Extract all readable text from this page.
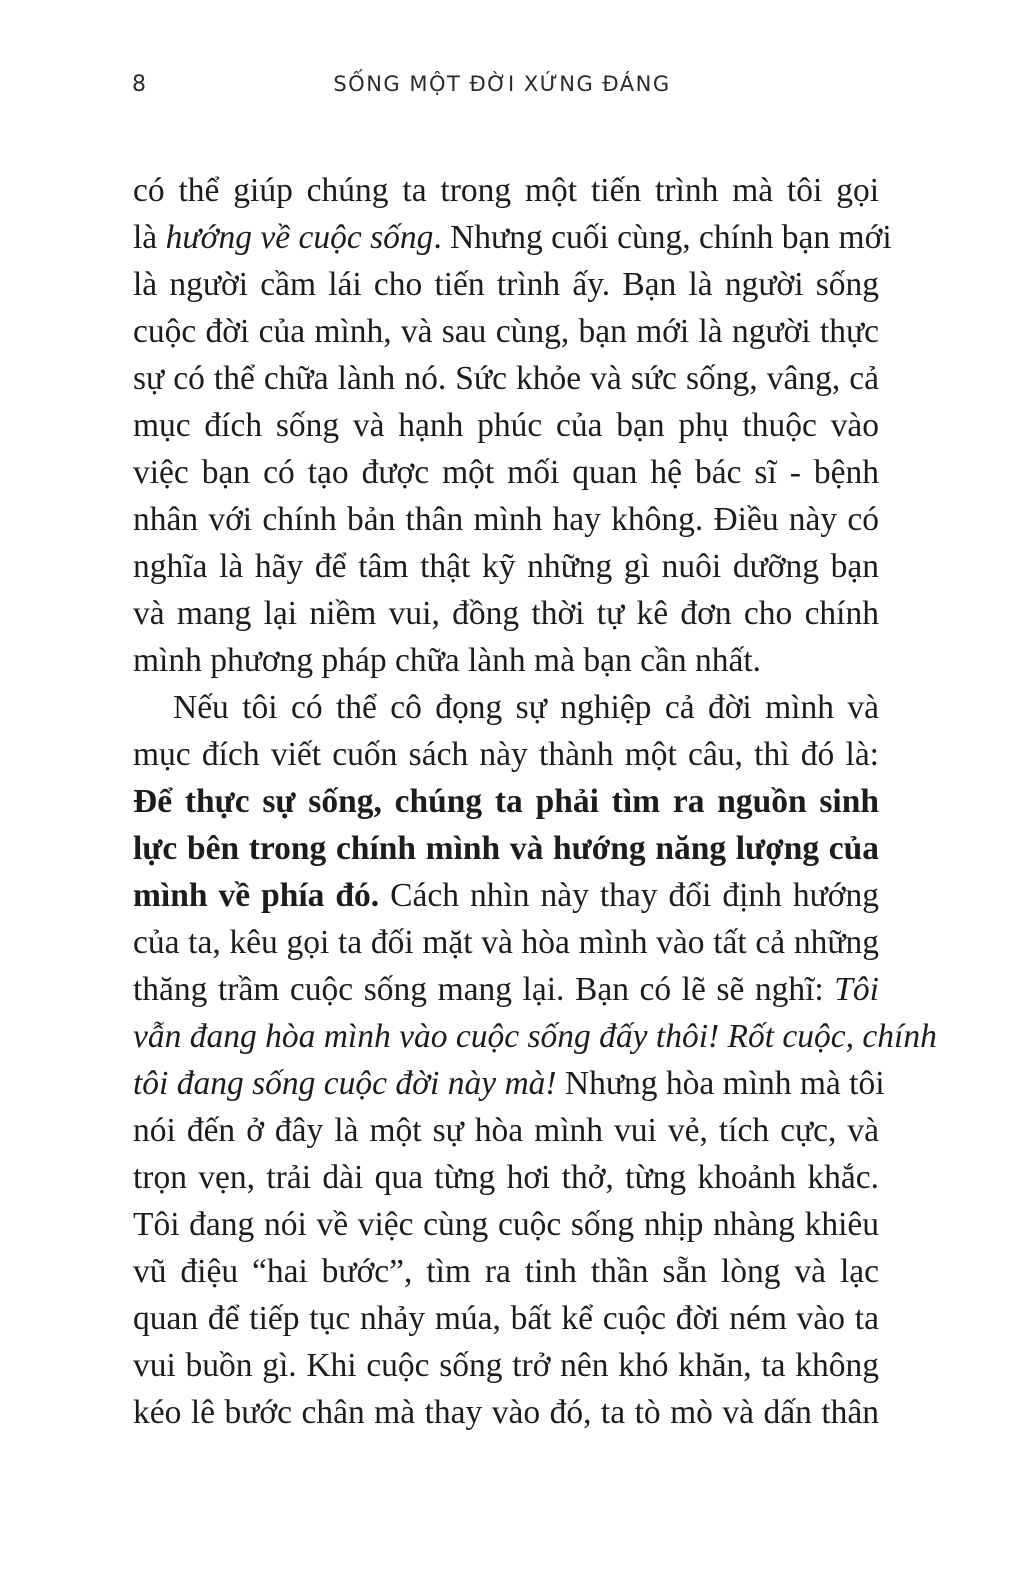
8	SỐNG MỘT ĐỜI XỨNG ĐÁNG
có thể giúp chúng ta trong một tiến trình mà tôi gọi
là hướng về cuộc sống. Nhưng cuối cùng, chính bạn mới
là người cầm lái cho tiến trình ấy. Bạn là người sống
cuộc đời của mình, và sau cùng, bạn mới là người thực
sự có thể chữa lành nó. Sức khỏe và sức sống, vâng, cả
mục đích sống và hạnh phúc của bạn phụ thuộc vào
việc bạn có tạo được một mối quan hệ bác sĩ - bệnh
nhân với chính bản thân mình hay không. Điều này có
nghĩa là hãy để tâm thật kỹ những gì nuôi dưỡng bạn
và mang lại niềm vui, đồng thời tự kê đơn cho chính
mình phương pháp chữa lành mà bạn cần nhất.
Nếu tôi có thể cô đọng sự nghiệp cả đời mình và
mục đích viết cuốn sách này thành một câu, thì đó là:
Để thực sự sống, chúng ta phải tìm ra nguồn sinh
lực bên trong chính mình và hướng năng lượng của
mình về phía đó. Cách nhìn này thay đổi định hướng
của ta, kêu gọi ta đối mặt và hòa mình vào tất cả những
thăng trầm cuộc sống mang lại. Bạn có lẽ sẽ nghĩ: Tôi
vẫn đang hòa mình vào cuộc sống đấy thôi! Rốt cuộc, chính
tôi đang sống cuộc đời này mà! Nhưng hòa mình mà tôi
nói đến ở đây là một sự hòa mình vui vẻ, tích cực, và
trọn vẹn, trải dài qua từng hơi thở, từng khoảnh khắc.
Tôi đang nói về việc cùng cuộc sống nhịp nhàng khiêu
vũ điệu “hai bước”, tìm ra tinh thần sẵn lòng và lạc
quan để tiếp tục nhảy múa, bất kể cuộc đời ném vào ta
vui buồn gì. Khi cuộc sống trở nên khó khăn, ta không
kéo lê bước chân mà thay vào đó, ta tò mò và dấn thân
